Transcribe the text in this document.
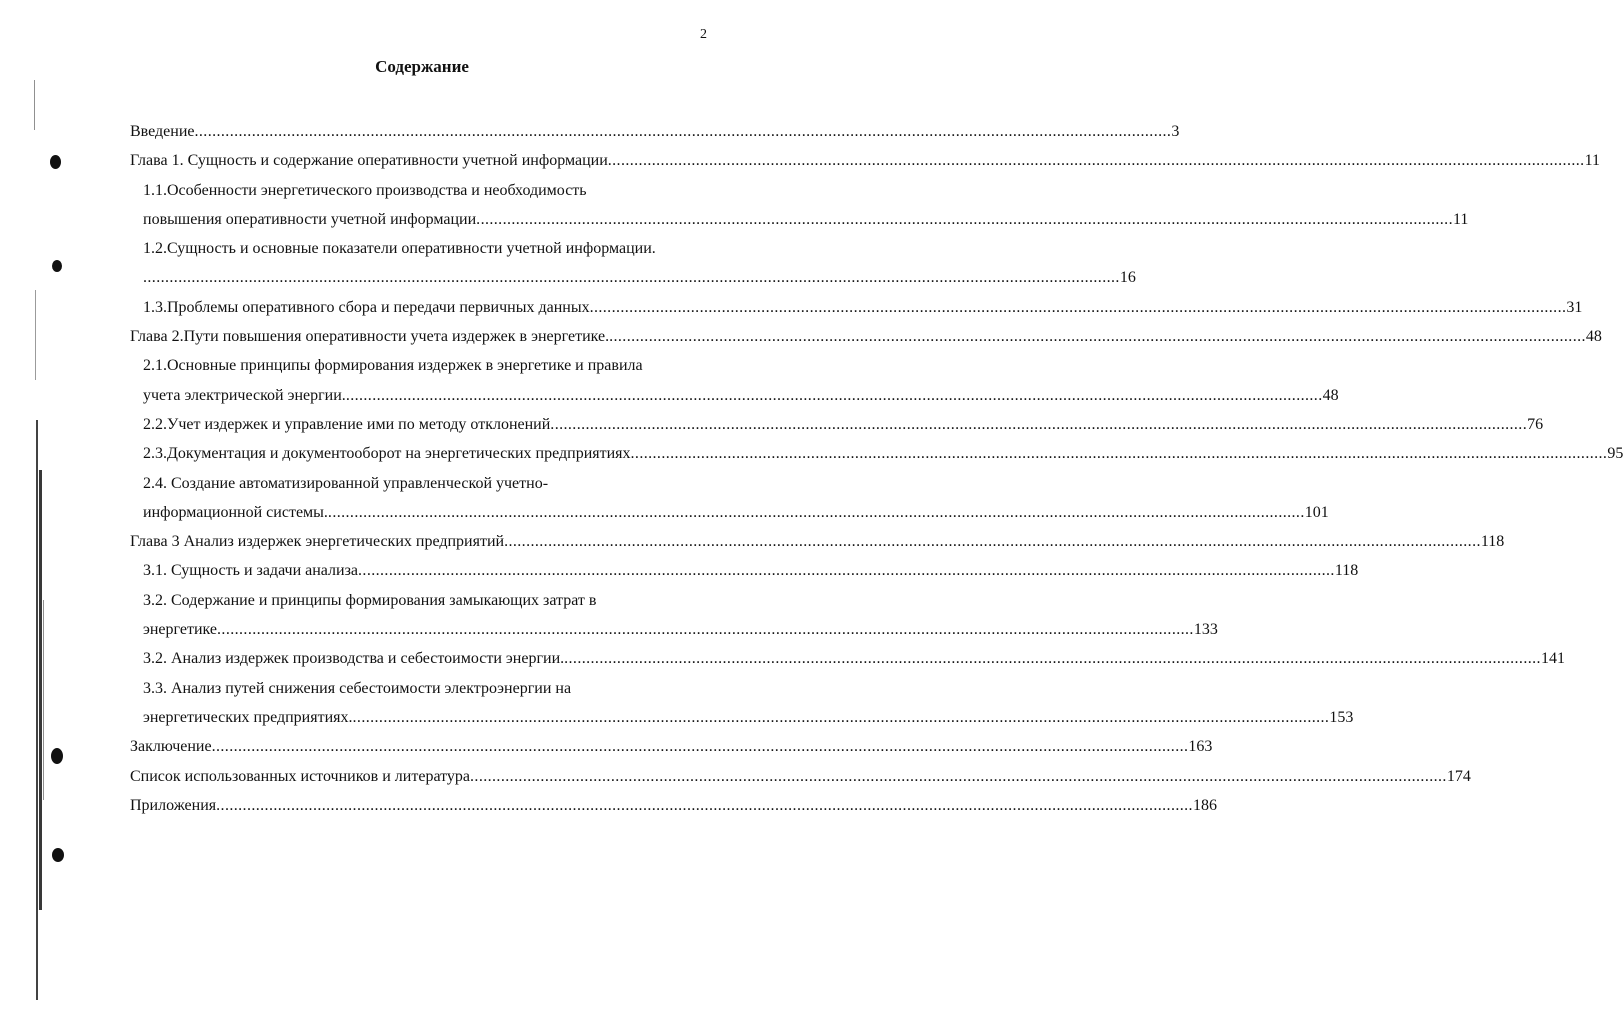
2
Содержание
Введение .............................................................................................................................................................................................................................. 3
Глава 1. Сущность и содержание оперативности учетной информации .............................................................................................................................................................................................................................. 11
1.1.Особенности энергетического производства и необходимость
повышения оперативности учетной информации .............................................................................................................................................................................................................................. 11
1.2.Сущность и основные показатели оперативности учетной информации.
.............................................................................................................................................................................................................................. 16
1.3.Проблемы оперативного сбора и передачи первичных данных .............................................................................................................................................................................................................................. 31
Глава 2.Пути повышения оперативности учета издержек в энергетике. .............................................................................................................................................................................................................................. 48
2.1.Основные принципы формирования издержек в энергетике и правила
учета электрической энергии. .............................................................................................................................................................................................................................. 48
2.2.Учет издержек и управление ими по методу отклонений .............................................................................................................................................................................................................................. 76
2.3.Документация и документооборот на энергетических предприятиях .............................................................................................................................................................................................................................. 95
2.4. Создание автоматизированной управленческой учетно-
информационной системы. .............................................................................................................................................................................................................................. 101
Глава 3 Анализ издержек энергетических предприятий .............................................................................................................................................................................................................................. 118
3.1. Сущность и задачи анализа .............................................................................................................................................................................................................................. 118
3.2. Содержание и принципы формирования замыкающих затрат в
энергетике .............................................................................................................................................................................................................................. 133
3.2. Анализ издержек производства и себестоимости энергии. .............................................................................................................................................................................................................................. 141
3.3. Анализ путей снижения себестоимости электроэнергии на
энергетических предприятиях. .............................................................................................................................................................................................................................. 153
Заключение .............................................................................................................................................................................................................................. 163
Список использованных источников и литература .............................................................................................................................................................................................................................. 174
Приложения .............................................................................................................................................................................................................................. 186
